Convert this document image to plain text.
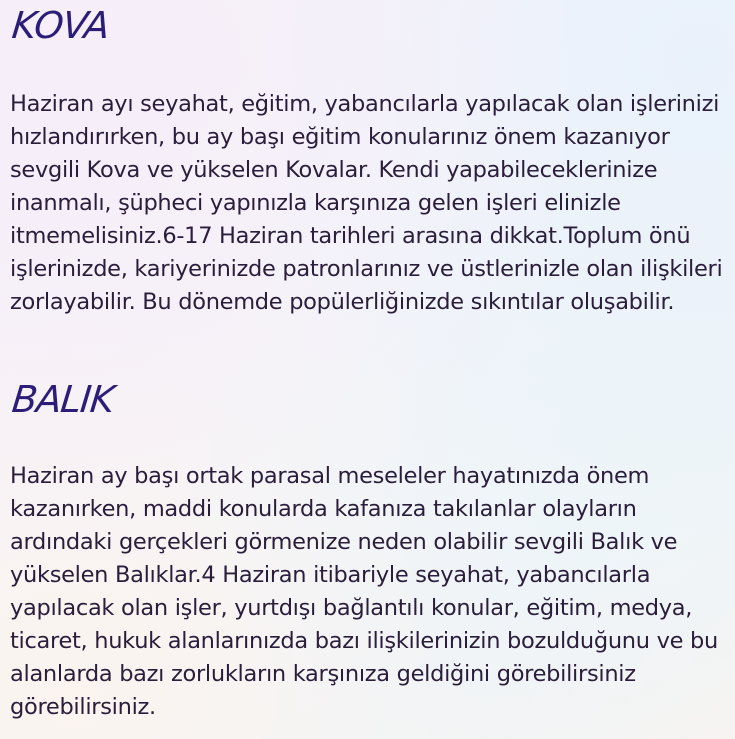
KOVA

Haziran ayı seyahat, eğitim, yabancılarla yapılacak olan işlerinizi hızlandırırken, bu ay başı eğitim konularınız önem kazanıyor sevgili Kova ve yükselen Kovalar. Kendi yapabileceklerinize inanmalı, şüpheci yapınızla karşınıza gelen işleri elinizle itmemelisiniz.6-17 Haziran tarihleri arasına dikkat.Toplum önü işlerinizde, kariyerinizde patronlarınız ve üstlerinizle olan ilişkileri zorlayabilir. Bu dönemde popülerliğinizde sıkıntılar oluşabilir.

BALIK

Haziran ay başı ortak parasal meseleler hayatınızda önem kazanırken, maddi konularda kafanıza takılanlar olayların ardındaki gerçekleri görmenize neden olabilir sevgili Balık ve yükselen Balıklar.4 Haziran itibariyle seyahat, yabancılarla yapılacak olan işler, yurtdışı bağlantılı konular, eğitim, medya, ticaret, hukuk alanlarınızda bazı ilişkilerinizin bozulduğunu ve bu alanlarda bazı zorlukların karşınıza geldiğini görebilirsiniz görebilirsiniz.
